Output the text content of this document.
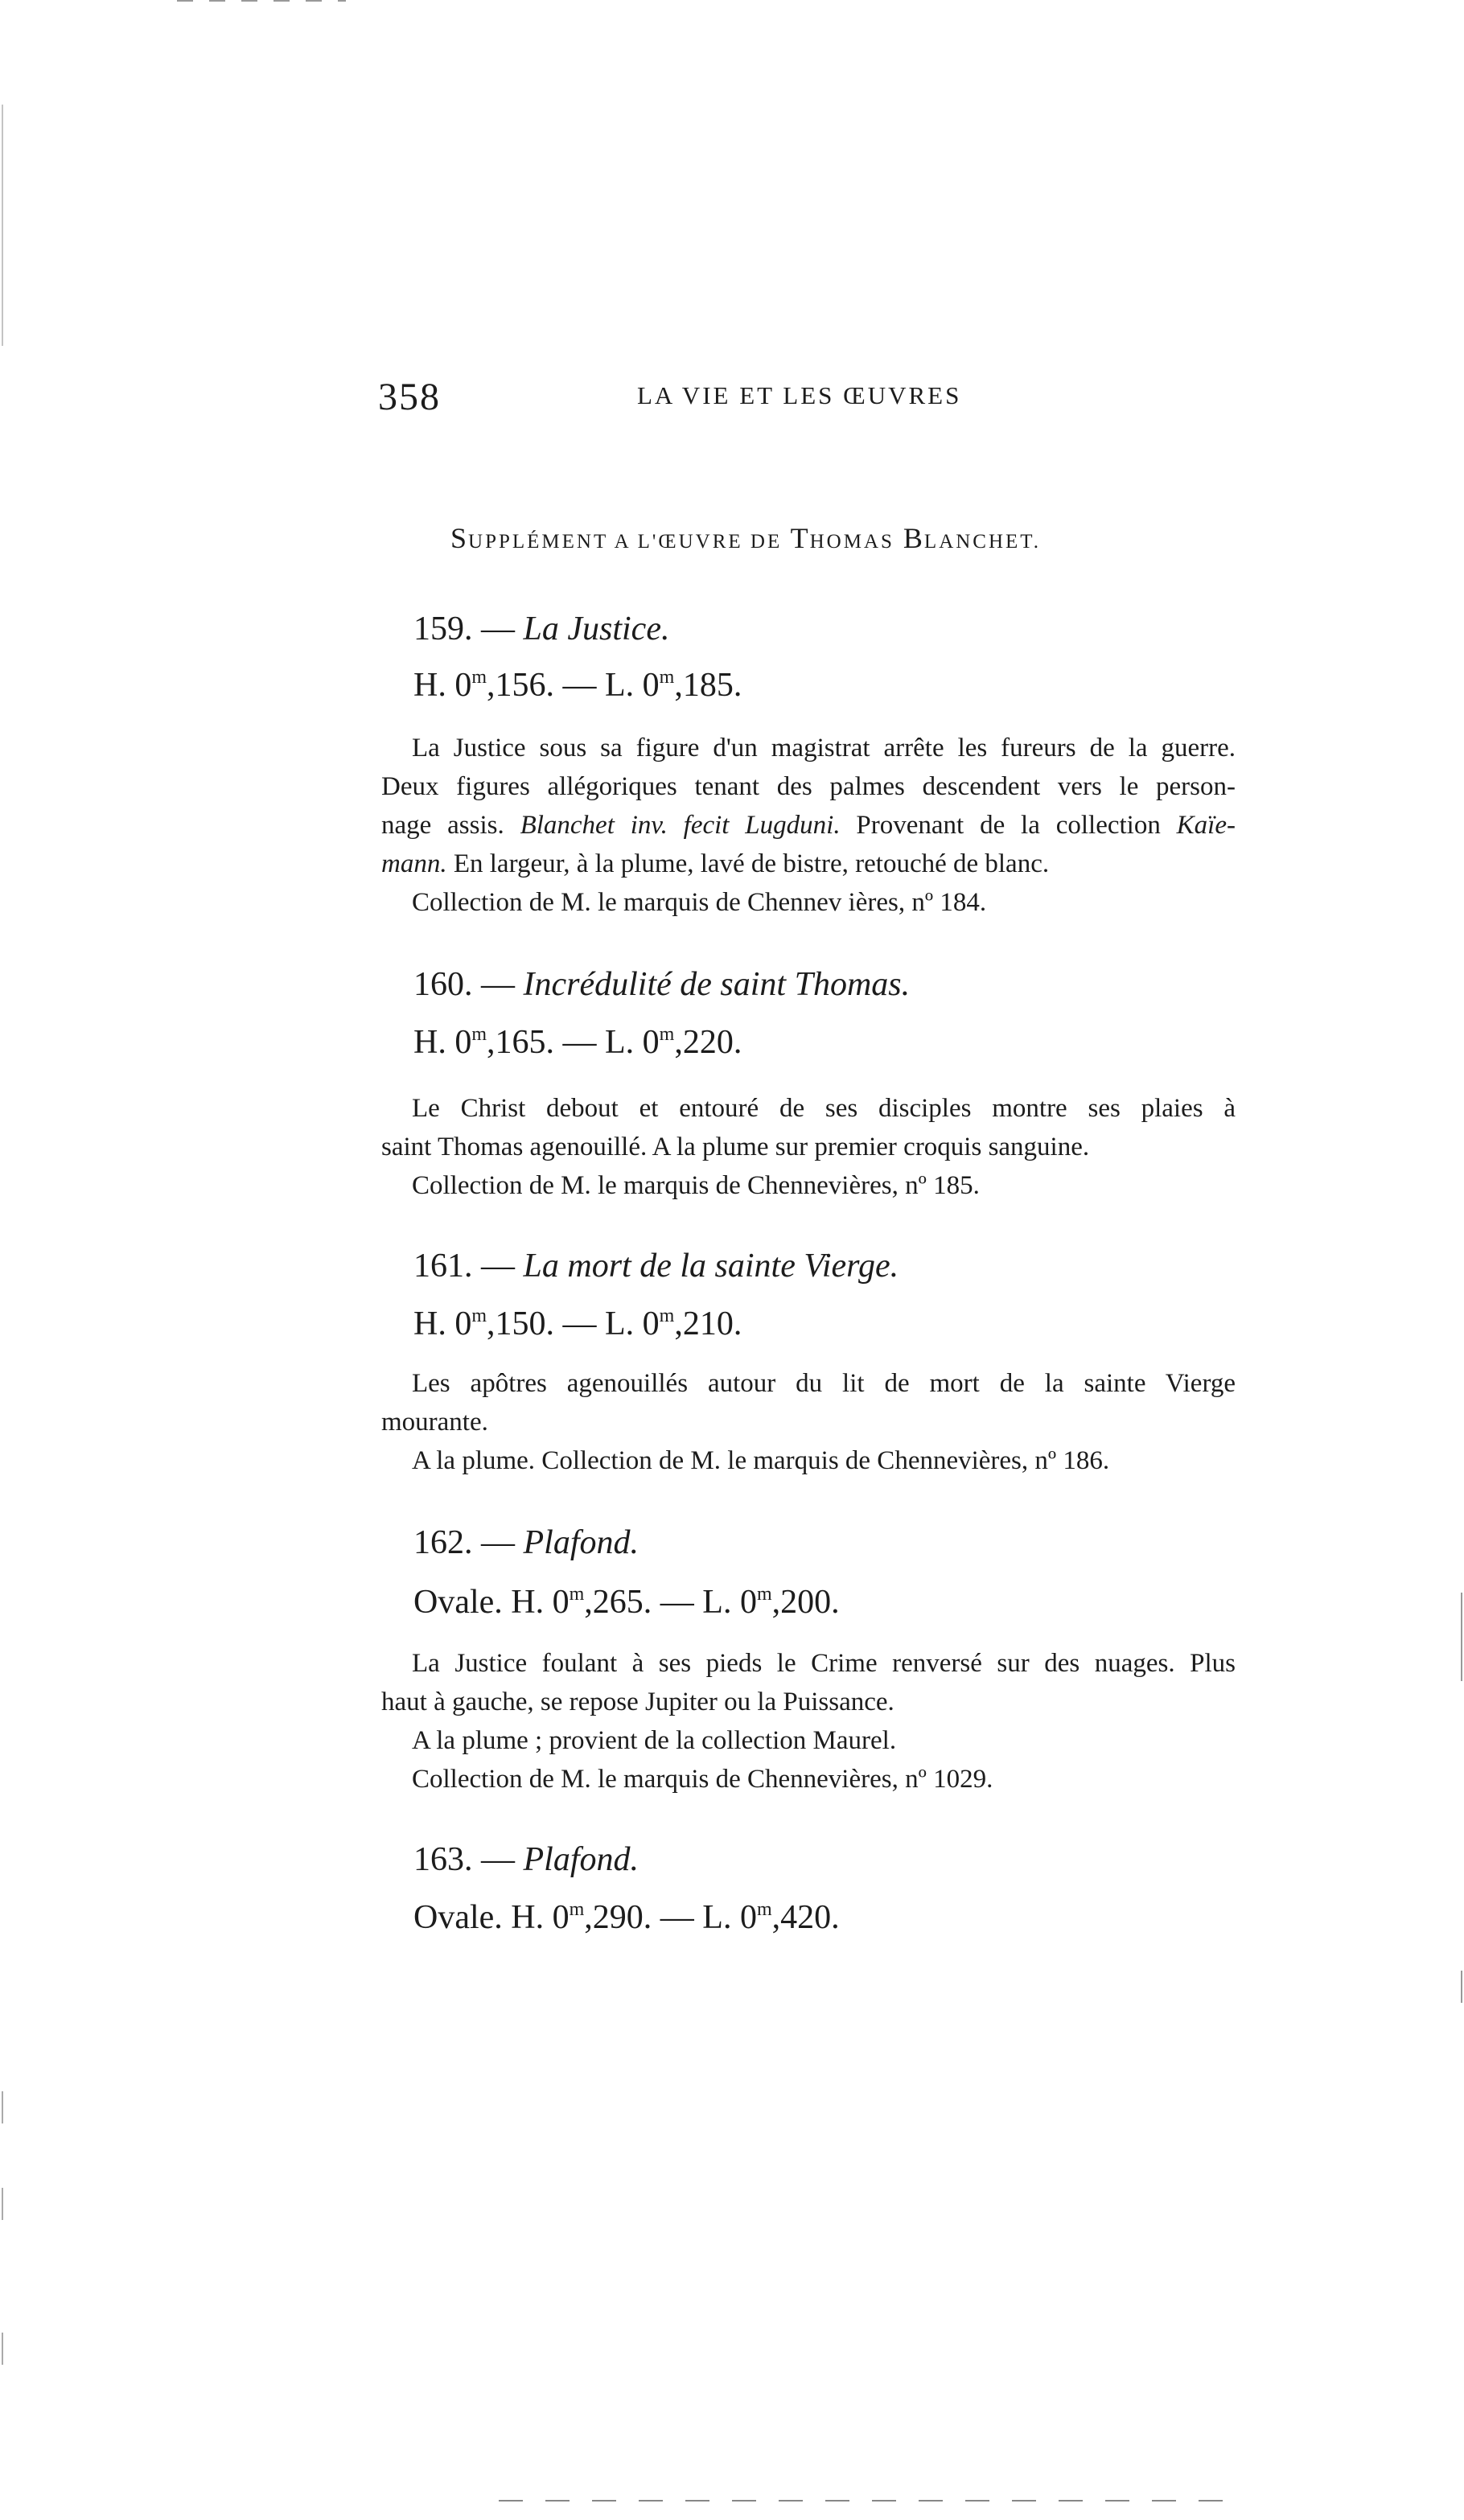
358	LA VIE ET LES ŒUVRES
SUPPLÉMENT A L'ŒUVRE DE THOMAS BLANCHET.
159. — La Justice.
H. 0$^m$,156. — L. 0$^m$,185.

La Justice sous sa figure d'un magistrat arrête les fureurs de la guerre.

Deux figures allégoriques tenant des palmes descendent vers le person-

nage assis. Blanchet inv. fecit Lugduni. Provenant de la collection Kaïe-

mann. En largeur, à la plume, lavé de bistre, retouché de blanc.

Collection de M. le marquis de Chennev ières, nº 184.

160. — Incrédulité de saint Thomas.
H. 0$^m$,165. — L. 0$^m$,220.

Le Christ debout et entouré de ses disciples montre ses plaies à

saint Thomas agenouillé. A la plume sur premier croquis sanguine.

Collection de M. le marquis de Chennevières, nº 185.

161. — La mort de la sainte Vierge.
H. 0$^m$,150. — L. 0$^m$,210.

Les apôtres agenouillés autour du lit de mort de la sainte Vierge

mourante.

A la plume. Collection de M. le marquis de Chennevières, nº 186.

162. — Plafond.
Ovale. H. 0$^m$,265. — L. 0$^m$,200.

La Justice foulant à ses pieds le Crime renversé sur des nuages. Plus

haut à gauche, se repose Jupiter ou la Puissance.

A la plume ; provient de la collection Maurel.

Collection de M. le marquis de Chennevières, nº 1029.

163. — Plafond.
Ovale. H. 0$^m$,290. — L. 0$^m$,420.
